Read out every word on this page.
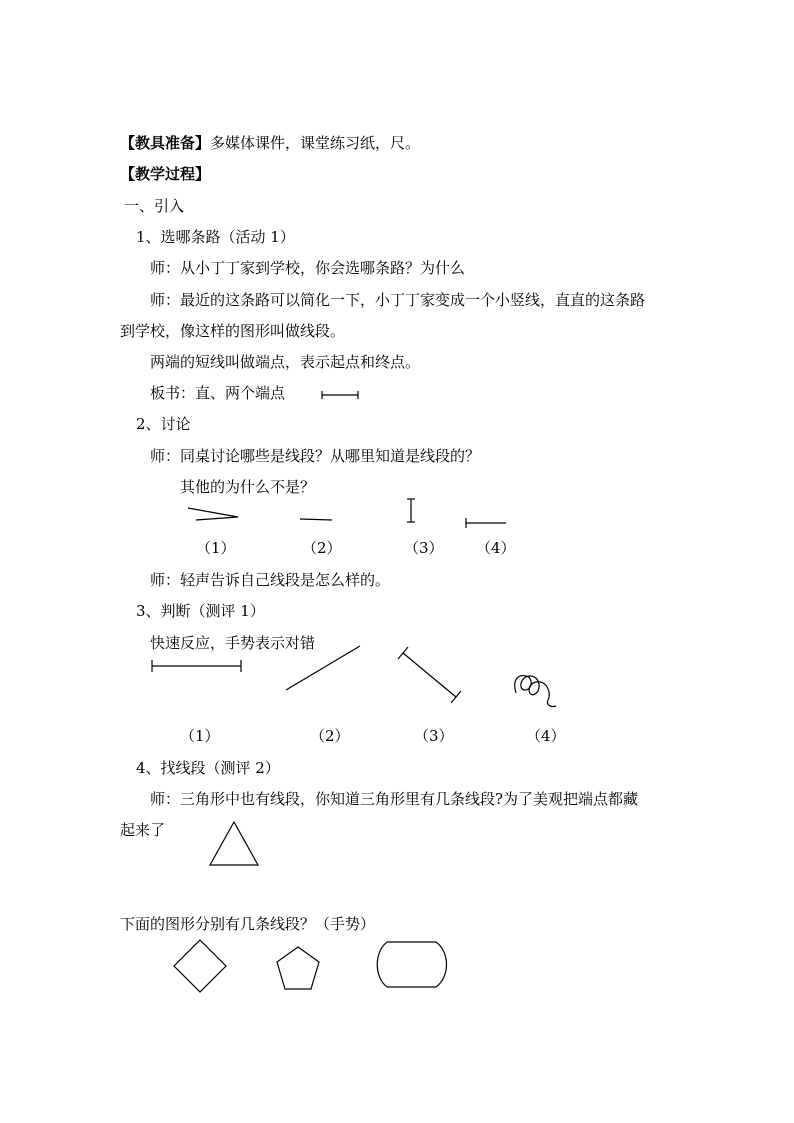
【教具准备】多媒体课件，课堂练习纸，尺。
【教学过程】
一、引入
1、选哪条路（活动 1）
师：从小丁丁家到学校，你会选哪条路？为什么
师：最近的这条路可以简化一下，小丁丁家变成一个小竖线，直直的这条路
到学校，像这样的图形叫做线段。
两端的短线叫做端点，表示起点和终点。
板书：直、两个端点
2、讨论
师：同桌讨论哪些是线段？从哪里知道是线段的？
其他的为什么不是？
（1）	（2）	（3） （4）
师：轻声告诉自己线段是怎么样的。
3、判断（测评 1）
快速反应，手势表示对错
（1）	（2）	（3）	（4）
4、找线段（测评 2）
师：三角形中也有线段，你知道三角形里有几条线段?为了美观把端点都藏
起来了
下面的图形分别有几条线段？（手势）
